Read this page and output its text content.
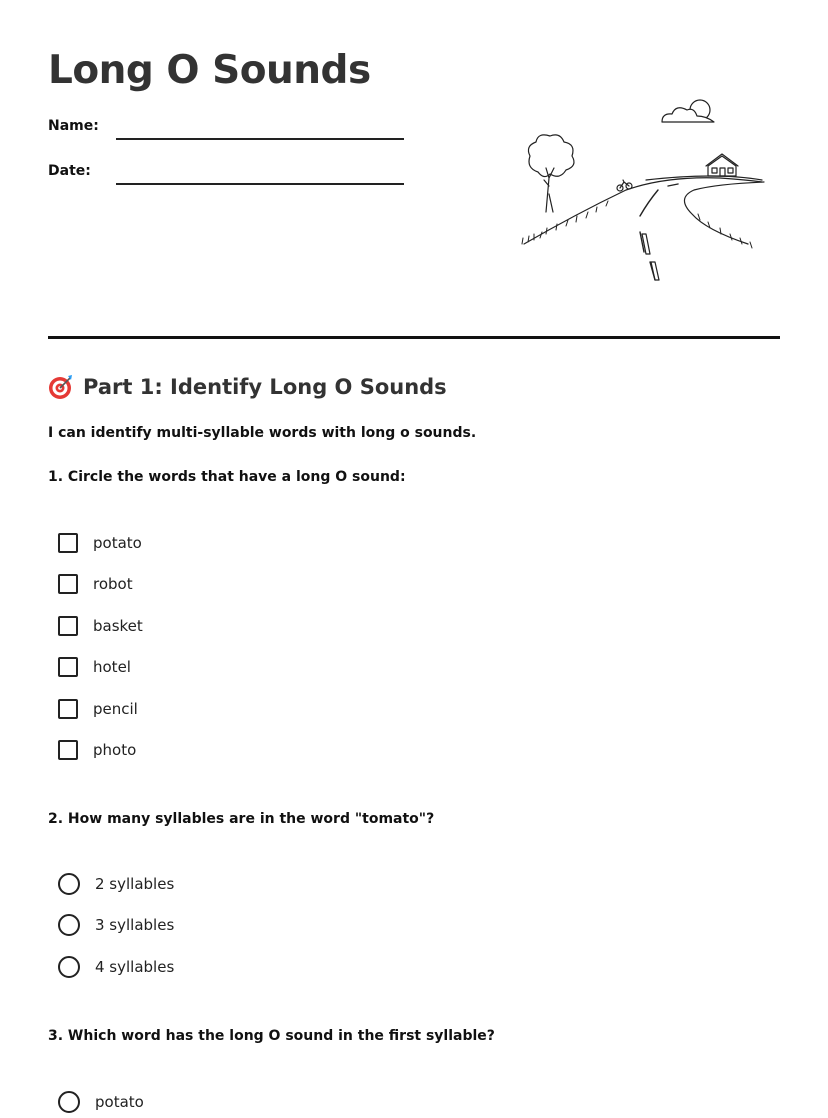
Long O Sounds
Name:
Date:
Part 1: Identify Long O Sounds

I can identify multi-syllable words with long o sounds.

1. Circle the words that have a long O sound:

potato
robot
basket
hotel
pencil
photo

2. How many syllables are in the word "tomato"?

2 syllables
3 syllables
4 syllables

3. Which word has the long O sound in the first syllable?

potato
